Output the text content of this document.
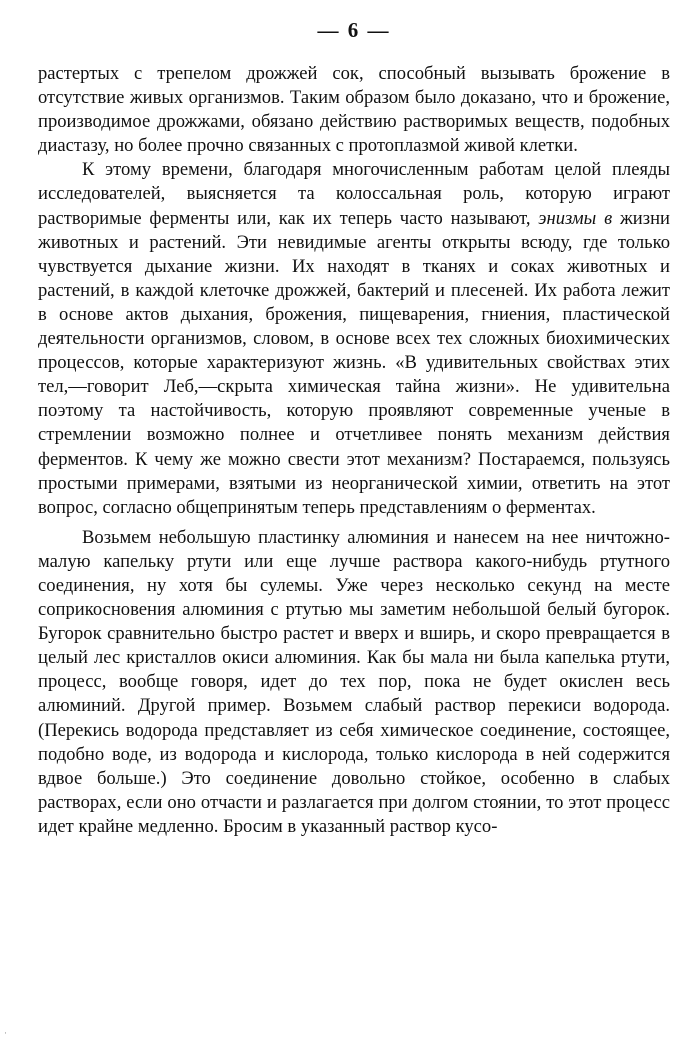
— 6 —

растертых с трепелом дрожжей сок, способный вызывать брожение в отсутствие живых организмов. Таким образом было доказано, что и брожение, производимое дрожжами, обязано действию растворимых веществ, подобных диастазу, но более прочно связанных с протоплазмой живой клетки.

К этому времени, благодаря многочисленным работам целой плеяды исследователей, выясняется та колоссальная роль, которую играют растворимые ферменты или, как их теперь часто называют, энизмы в жизни животных и растений. Эти невидимые агенты открыты всюду, где только чувствуется дыхание жизни. Их находят в тканях и соках животных и растений, в каждой клеточке дрожжей, бактерий и плесеней. Их работа лежит в основе актов дыхания, брожения, пищеварения, гниения, пластической деятельности организмов, словом, в основе всех тех сложных биохимических процессов, которые характеризуют жизнь. «В удивительных свойствах этих тел,—говорит Леб,—скрыта химическая тайна жизни». Не удивительна поэтому та настойчивость, которую проявляют современные ученые в стремлении возможно полнее и отчетливее понять механизм действия ферментов. К чему же можно свести этот механизм? Постараемся, пользуясь простыми примерами, взятыми из неорганической химии, ответить на этот вопрос, согласно общепринятым теперь представлениям о ферментах.

Возьмем небольшую пластинку алюминия и нанесем на нее ничтожно-малую капельку ртути или еще лучше раствора какого-нибудь ртутного соединения, ну хотя бы сулемы. Уже через несколько секунд на месте соприкосновения алюминия с ртутью мы заметим небольшой белый бугорок. Бугорок сравнительно быстро растет и вверх и вширь, и скоро превращается в целый лес кристаллов окиси алюминия. Как бы мала ни была капелька ртути, процесс, вообще говоря, идет до тех пор, пока не будет окислен весь алюминий. Другой пример. Возьмем слабый раствор перекиси водорода. (Перекись водорода представляет из себя химическое соединение, состоящее, подобно воде, из водорода и кислорода, только кислорода в ней содержится вдвое больше.) Это соединение довольно стойкое, особенно в слабых растворах, если оно отчасти и разлагается при долгом стоянии, то этот процесс идет крайне медленно. Бросим в указанный раствор кусо-

·
